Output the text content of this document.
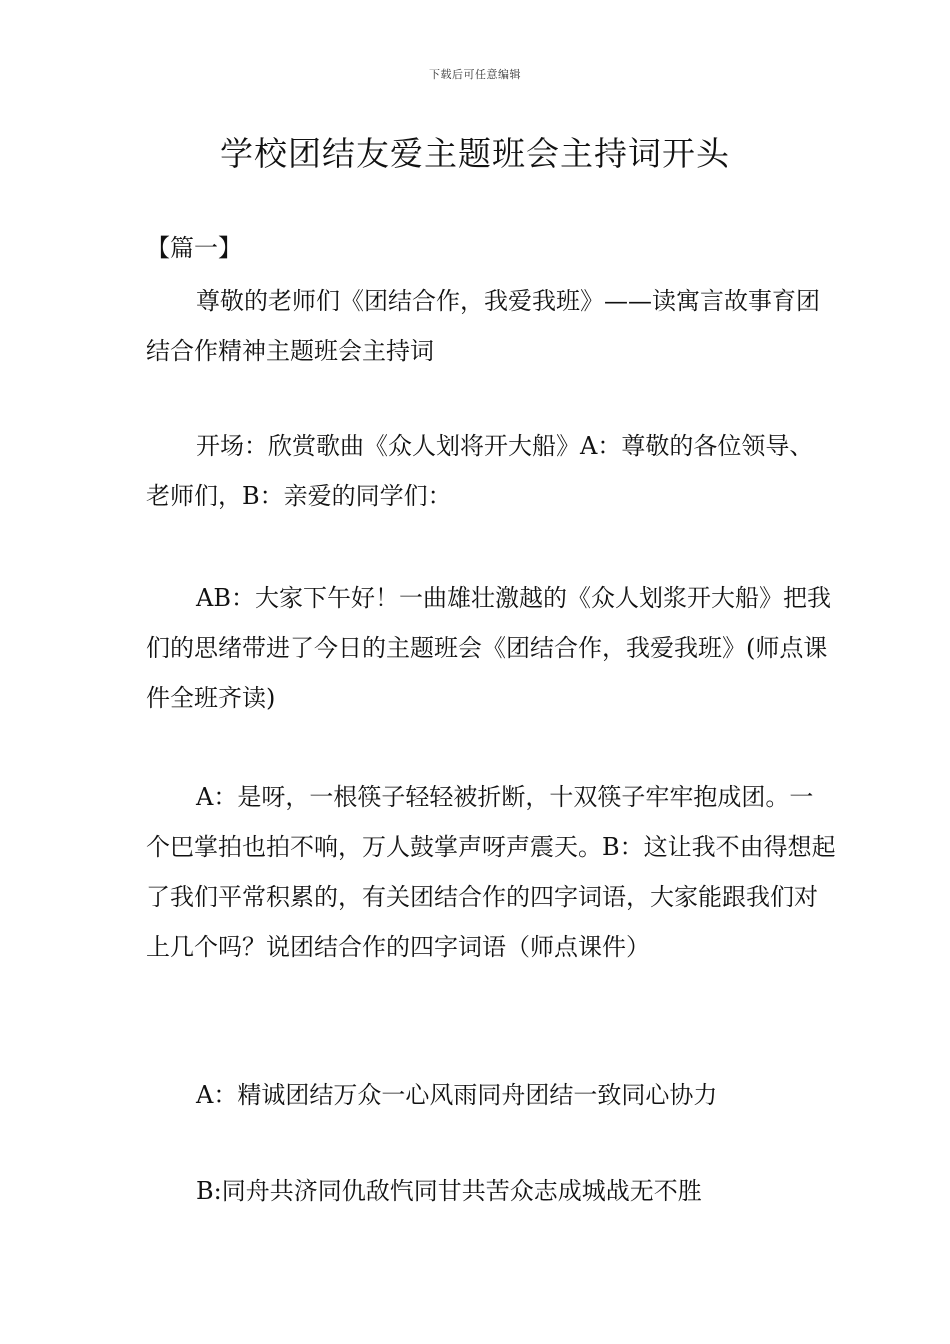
下载后可任意编辑
学校团结友爱主题班会主持词开头

【篇一】

尊敬的老师们《团结合作，我爱我班》——读寓言故事育团结合作精神主题班会主持词

开场：欣赏歌曲《众人划将开大船》A：尊敬的各位领导、老师们，B：亲爱的同学们：

AB：大家下午好！一曲雄壮激越的《众人划浆开大船》把我们的思绪带进了今日的主题班会《团结合作，我爱我班》(师点课件全班齐读)

A：是呀，一根筷子轻轻被折断，十双筷子牢牢抱成团。一个巴掌拍也拍不响，万人鼓掌声呀声震天。B：这让我不由得想起了我们平常积累的，有关团结合作的四字词语，大家能跟我们对上几个吗？说团结合作的四字词语（师点课件）

A：精诚团结万众一心风雨同舟团结一致同心协力

B:同舟共济同仇敌忾同甘共苦众志成城战无不胜
